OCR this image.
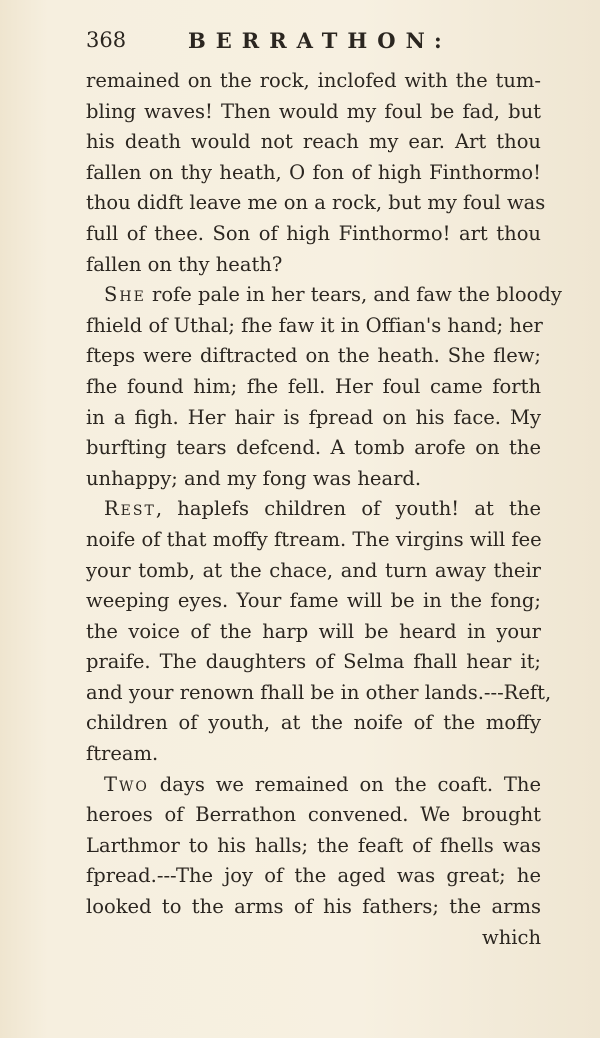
368	BERRATHON:
remained on the rock, inclofed with the tum-
bling waves! Then would my foul be fad, but
his death would not reach my ear. Art thou
fallen on thy heath, O fon of high Finthormo!
thou didft leave me on a rock, but my foul was
full of thee. Son of high Finthormo! art thou
fallen on thy heath?
She rofe pale in her tears, and faw the bloody
fhield of Uthal; fhe faw it in Offian's hand; her
fteps were diftracted on the heath. She flew;
fhe found him; fhe fell. Her foul came forth
in a figh. Her hair is fpread on his face. My
burfting tears defcend. A tomb arofe on the
unhappy; and my fong was heard.
Rest, haplefs children of youth! at the
noife of that moffy ftream. The virgins will fee
your tomb, at the chace, and turn away their
weeping eyes. Your fame will be in the fong;
the voice of the harp will be heard in your
praife. The daughters of Selma fhall hear it;
and your renown fhall be in other lands.---Reft,
children of youth, at the noife of the moffy
ftream.
Two days we remained on the coaft. The
heroes of Berrathon convened. We brought
Larthmor to his halls; the feaft of fhells was
fpread.---The joy of the aged was great; he
looked to the arms of his fathers; the arms
which
